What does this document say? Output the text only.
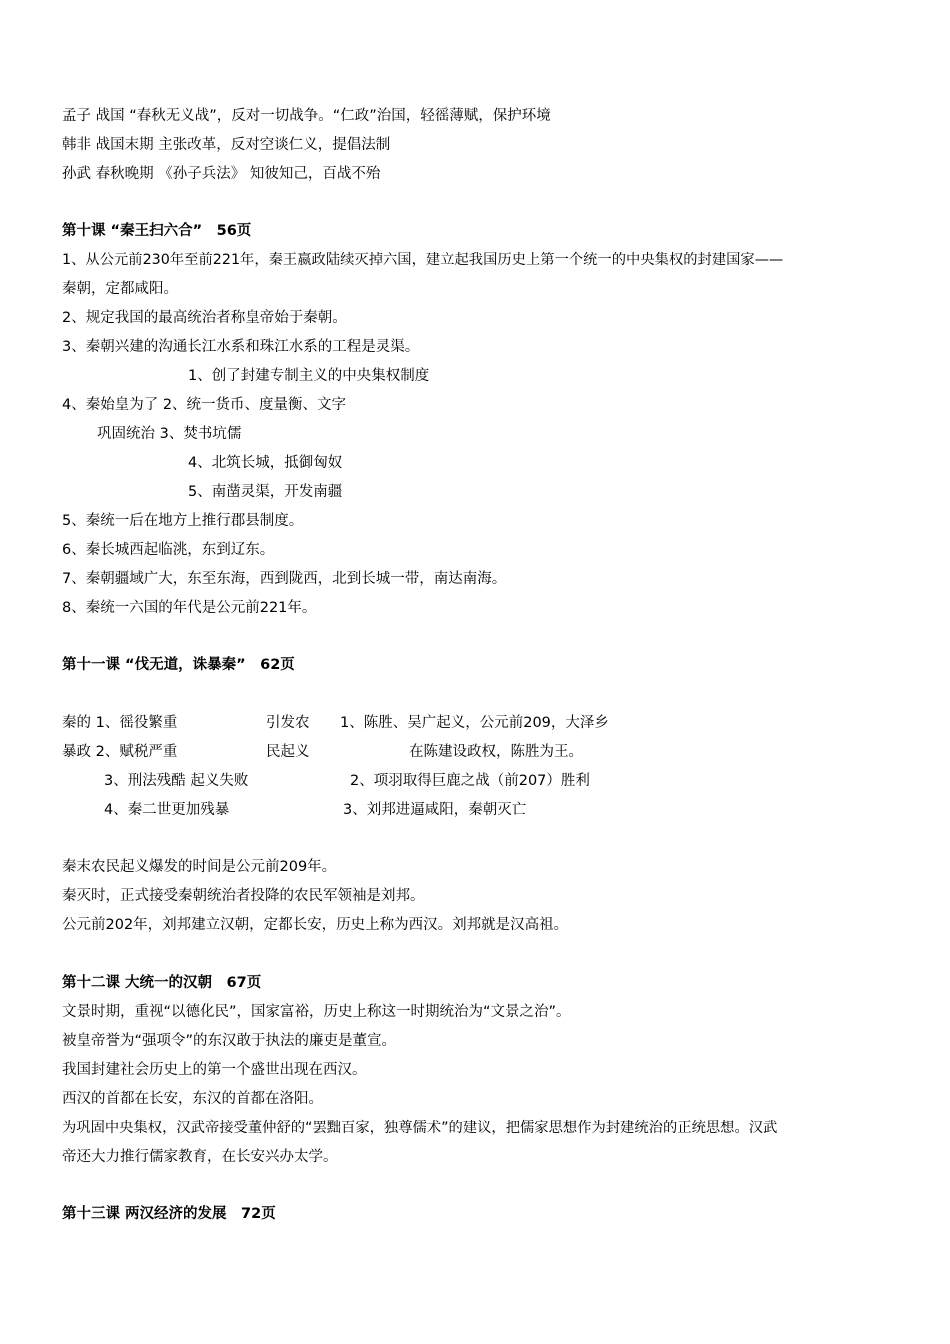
孟子 战国 “春秋无义战”，反对一切战争。“仁政”治国，轻徭薄赋，保护环境
韩非 战国末期 主张改革，反对空谈仁义，提倡法制
孙武 春秋晚期 《孙子兵法》 知彼知己，百战不殆
第十课 “秦王扫六合”　56页
1、从公元前230年至前221年，秦王嬴政陆续灭掉六国，建立起我国历史上第一个统一的中央集权的封建国家——
秦朝，定都咸阳。
2、规定我国的最高统治者称皇帝始于秦朝。
3、秦朝兴建的沟通长江水系和珠江水系的工程是灵渠。
1、创了封建专制主义的中央集权制度
4、秦始皇为了 2、统一货币、度量衡、文字
巩固统治 3、焚书坑儒
4、北筑长城，抵御匈奴
5、南凿灵渠，开发南疆
5、秦统一后在地方上推行郡县制度。
6、秦长城西起临洮，东到辽东。
7、秦朝疆域广大，东至东海，西到陇西，北到长城一带，南达南海。
8、秦统一六国的年代是公元前221年。
第十一课 “伐无道，诛暴秦”　62页
秦的 1、徭役繁重	引发农 1、陈胜、吴广起义，公元前209，大泽乡
暴政 2、赋税严重	民起义	在陈建设政权，陈胜为王。
3、刑法残酷 起义失败	2、项羽取得巨鹿之战（前207）胜利
4、秦二世更加残暴	3、刘邦进逼咸阳，秦朝灭亡
秦末农民起义爆发的时间是公元前209年。
秦灭时，正式接受秦朝统治者投降的农民军领袖是刘邦。
公元前202年，刘邦建立汉朝，定都长安，历史上称为西汉。刘邦就是汉高祖。
第十二课 大统一的汉朝　67页
文景时期，重视“以德化民”，国家富裕，历史上称这一时期统治为“文景之治”。
被皇帝誉为“强项令”的东汉敢于执法的廉吏是董宣。
我国封建社会历史上的第一个盛世出现在西汉。
西汉的首都在长安，东汉的首都在洛阳。
为巩固中央集权，汉武帝接受董仲舒的“罢黜百家，独尊儒术”的建议，把儒家思想作为封建统治的正统思想。汉武
帝还大力推行儒家教育，在长安兴办太学。
第十三课 两汉经济的发展　72页
